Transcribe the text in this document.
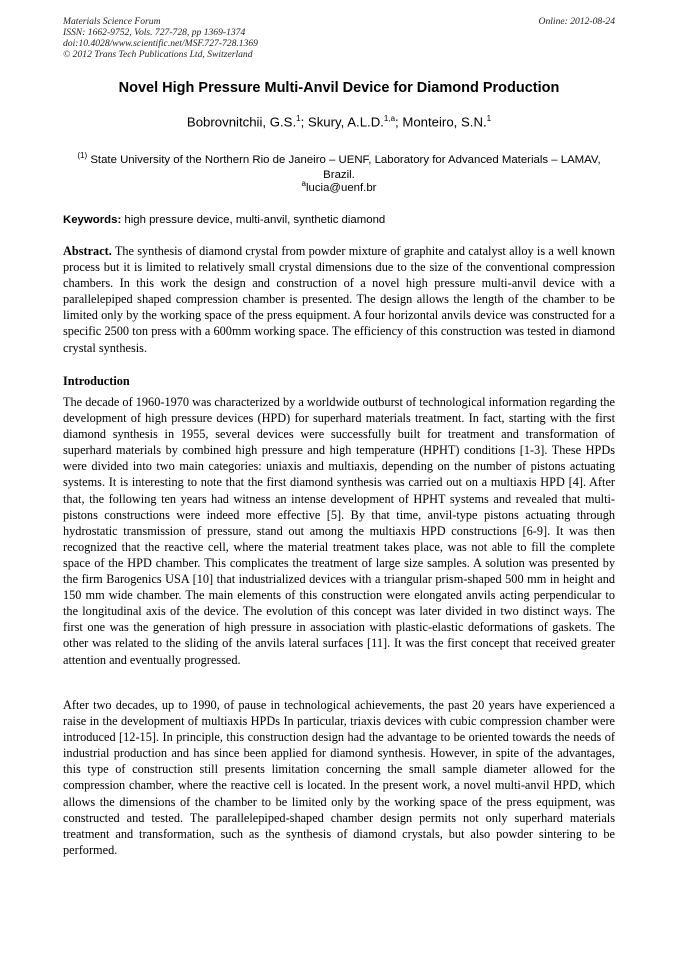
Materials Science Forum
ISSN: 1662-9752, Vols. 727-728, pp 1369-1374
doi:10.4028/www.scientific.net/MSF.727-728.1369
© 2012 Trans Tech Publications Ltd, Switzerland
Online: 2012-08-24
Novel High Pressure Multi-Anvil Device for Diamond Production
Bobrovnitchii, G.S.$^1$; Skury, A.L.D.$^{1,a}$; Monteiro, S.N.$^1$
$^{(1)}$ State University of the Northern Rio de Janeiro – UENF, Laboratory for Advanced Materials – LAMAV, Brazil.
$^a$lucia@uenf.br
Keywords: high pressure device, multi-anvil, synthetic diamond
Abstract. The synthesis of diamond crystal from powder mixture of graphite and catalyst alloy is a well known process but it is limited to relatively small crystal dimensions due to the size of the conventional compression chambers. In this work the design and construction of a novel high pressure multi-anvil device with a parallelepiped shaped compression chamber is presented. The design allows the length of the chamber to be limited only by the working space of the press equipment. A four horizontal anvils device was constructed for a specific 2500 ton press with a 600mm working space. The efficiency of this construction was tested in diamond crystal synthesis.
Introduction

The decade of 1960-1970 was characterized by a worldwide outburst of technological information regarding the development of high pressure devices (HPD) for superhard materials treatment. In fact, starting with the first diamond synthesis in 1955, several devices were successfully built for treatment and transformation of superhard materials by combined high pressure and high temperature (HPHT) conditions [1-3]. These HPDs were divided into two main categories: uniaxis and multiaxis, depending on the number of pistons actuating systems. It is interesting to note that the first diamond synthesis was carried out on a multiaxis HPD [4]. After that, the following ten years had witness an intense development of HPHT systems and revealed that multi-pistons constructions were indeed more effective [5]. By that time, anvil-type pistons actuating through hydrostatic transmission of pressure, stand out among the multiaxis HPD constructions [6-9]. It was then recognized that the reactive cell, where the material treatment takes place, was not able to fill the complete space of the HPD chamber. This complicates the treatment of large size samples. A solution was presented by the firm Barogenics USA [10] that industrialized devices with a triangular prism-shaped 500 mm in height and 150 mm wide chamber. The main elements of this construction were elongated anvils acting perpendicular to the longitudinal axis of the device. The evolution of this concept was later divided in two distinct ways. The first one was the generation of high pressure in association with plastic-elastic deformations of gaskets. The other was related to the sliding of the anvils lateral surfaces [11]. It was the first concept that received greater attention and eventually progressed.

After two decades, up to 1990, of pause in technological achievements, the past 20 years have experienced a raise in the development of multiaxis HPDs In particular, triaxis devices with cubic compression chamber were introduced [12-15]. In principle, this construction design had the advantage to be oriented towards the needs of industrial production and has since been applied for diamond synthesis. However, in spite of the advantages, this type of construction still presents limitation concerning the small sample diameter allowed for the compression chamber, where the reactive cell is located. In the present work, a novel multi-anvil HPD, which allows the dimensions of the chamber to be limited only by the working space of the press equipment, was constructed and tested. The parallelepiped-shaped chamber design permits not only superhard materials treatment and transformation, such as the synthesis of diamond crystals, but also powder sintering to be performed.
